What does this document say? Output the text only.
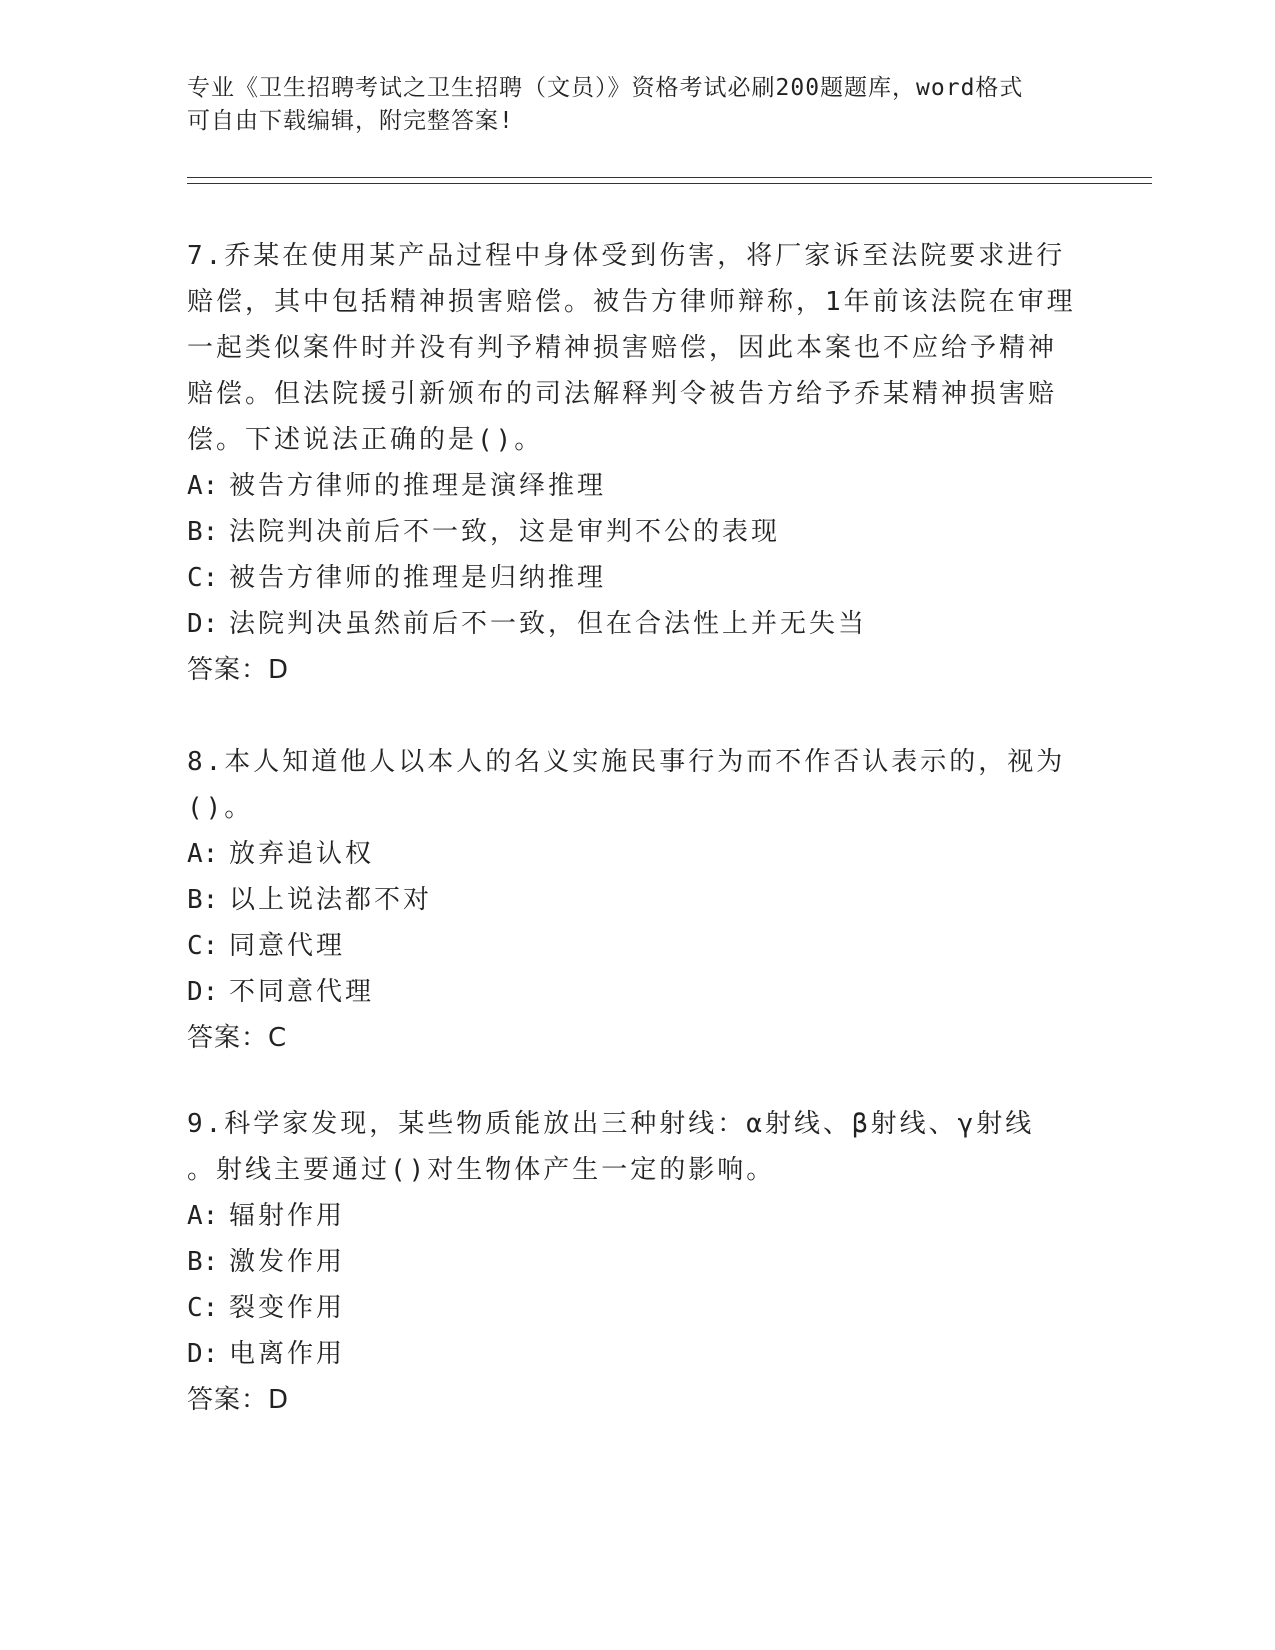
专业《卫生招聘考试之卫生招聘（文员）》资格考试必刷200题题库，word格式
可自由下载编辑，附完整答案!

7.乔某在使用某产品过程中身体受到伤害，将厂家诉至法院要求进行

赔偿，其中包括精神损害赔偿。被告方律师辩称，1年前该法院在审理

一起类似案件时并没有判予精神损害赔偿，因此本案也不应给予精神

赔偿。但法院援引新颁布的司法解释判令被告方给予乔某精神损害赔

偿。下述说法正确的是()。

A: 被告方律师的推理是演绎推理
B: 法院判决前后不一致，这是审判不公的表现
C: 被告方律师的推理是归纳推理
D: 法院判决虽然前后不一致，但在合法性上并无失当

答案：D

8.本人知道他人以本人的名义实施民事行为而不作否认表示的，视为

()。

A: 放弃追认权
B: 以上说法都不对
C: 同意代理
D: 不同意代理

答案：C

9.科学家发现，某些物质能放出三种射线：α射线、β射线、γ射线

。射线主要通过()对生物体产生一定的影响。

A: 辐射作用
B: 激发作用
C: 裂变作用
D: 电离作用

答案：D
